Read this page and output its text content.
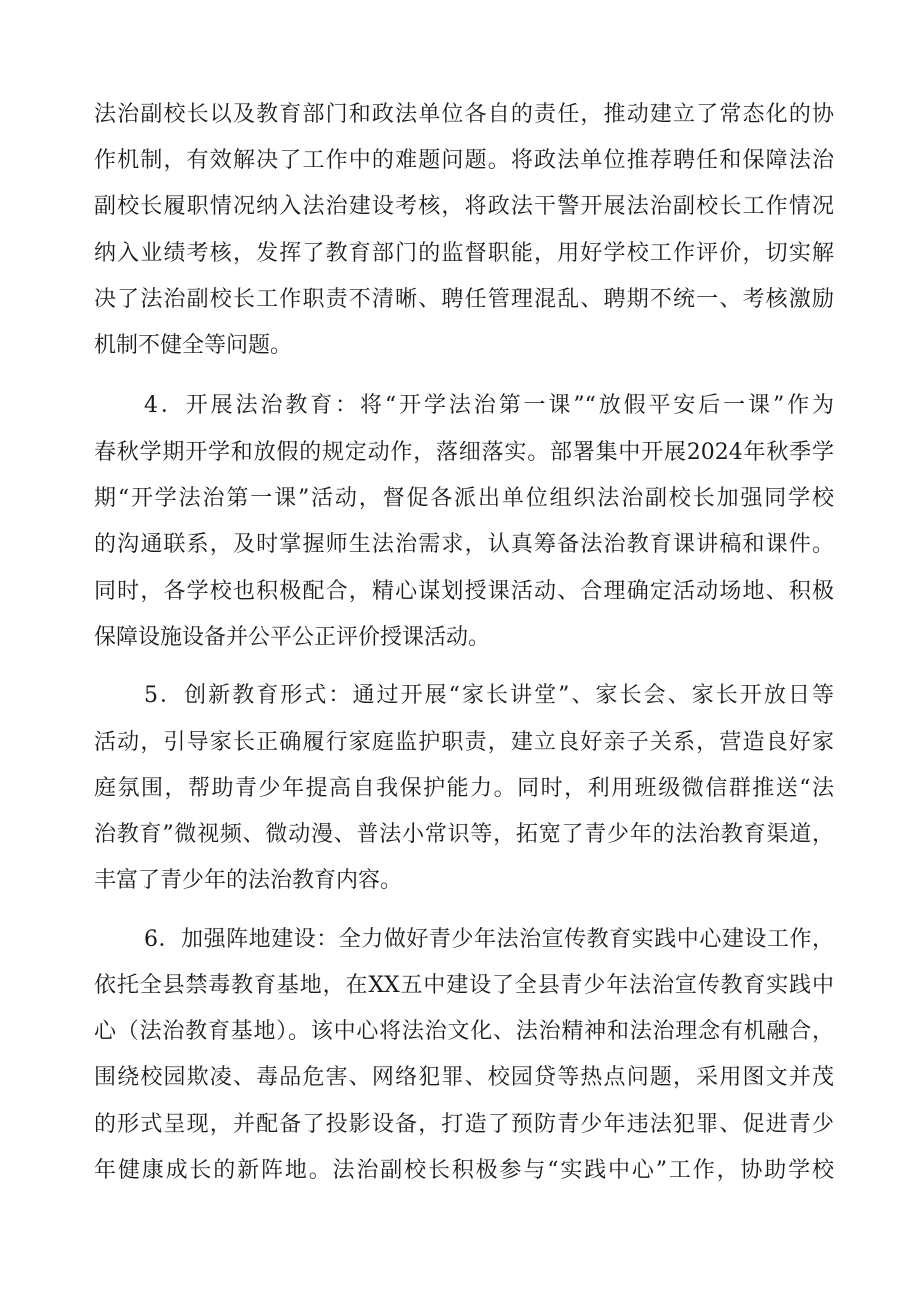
法治副校长以及教育部门和政法单位各自的责任，推动建立了常态化的协
作机制，有效解决了工作中的难题问题。将政法单位推荐聘任和保障法治
副校长履职情况纳入法治建设考核，将政法干警开展法治副校长工作情况
纳入业绩考核，发挥了教育部门的监督职能，用好学校工作评价，切实解
决了法治副校长工作职责不清晰、聘任管理混乱、聘期不统一、考核激励
机制不健全等问题。
4．开展法治教育：将“开学法治第一课”“放假平安后一课”作为
春秋学期开学和放假的规定动作，落细落实。部署集中开展2024年秋季学
期“开学法治第一课”活动，督促各派出单位组织法治副校长加强同学校
的沟通联系，及时掌握师生法治需求，认真筹备法治教育课讲稿和课件。
同时，各学校也积极配合，精心谋划授课活动、合理确定活动场地、积极
保障设施设备并公平公正评价授课活动。
5．创新教育形式：通过开展“家长讲堂”、家长会、家长开放日等
活动，引导家长正确履行家庭监护职责，建立良好亲子关系，营造良好家
庭氛围，帮助青少年提高自我保护能力。同时，利用班级微信群推送“法
治教育”微视频、微动漫、普法小常识等，拓宽了青少年的法治教育渠道，
丰富了青少年的法治教育内容。
6．加强阵地建设：全力做好青少年法治宣传教育实践中心建设工作，
依托全县禁毒教育基地，在XX五中建设了全县青少年法治宣传教育实践中
心（法治教育基地）。该中心将法治文化、法治精神和法治理念有机融合，
围绕校园欺凌、毒品危害、网络犯罪、校园贷等热点问题，采用图文并茂
的形式呈现，并配备了投影设备，打造了预防青少年违法犯罪、促进青少
年健康成长的新阵地。法治副校长积极参与“实践中心”工作，协助学校
